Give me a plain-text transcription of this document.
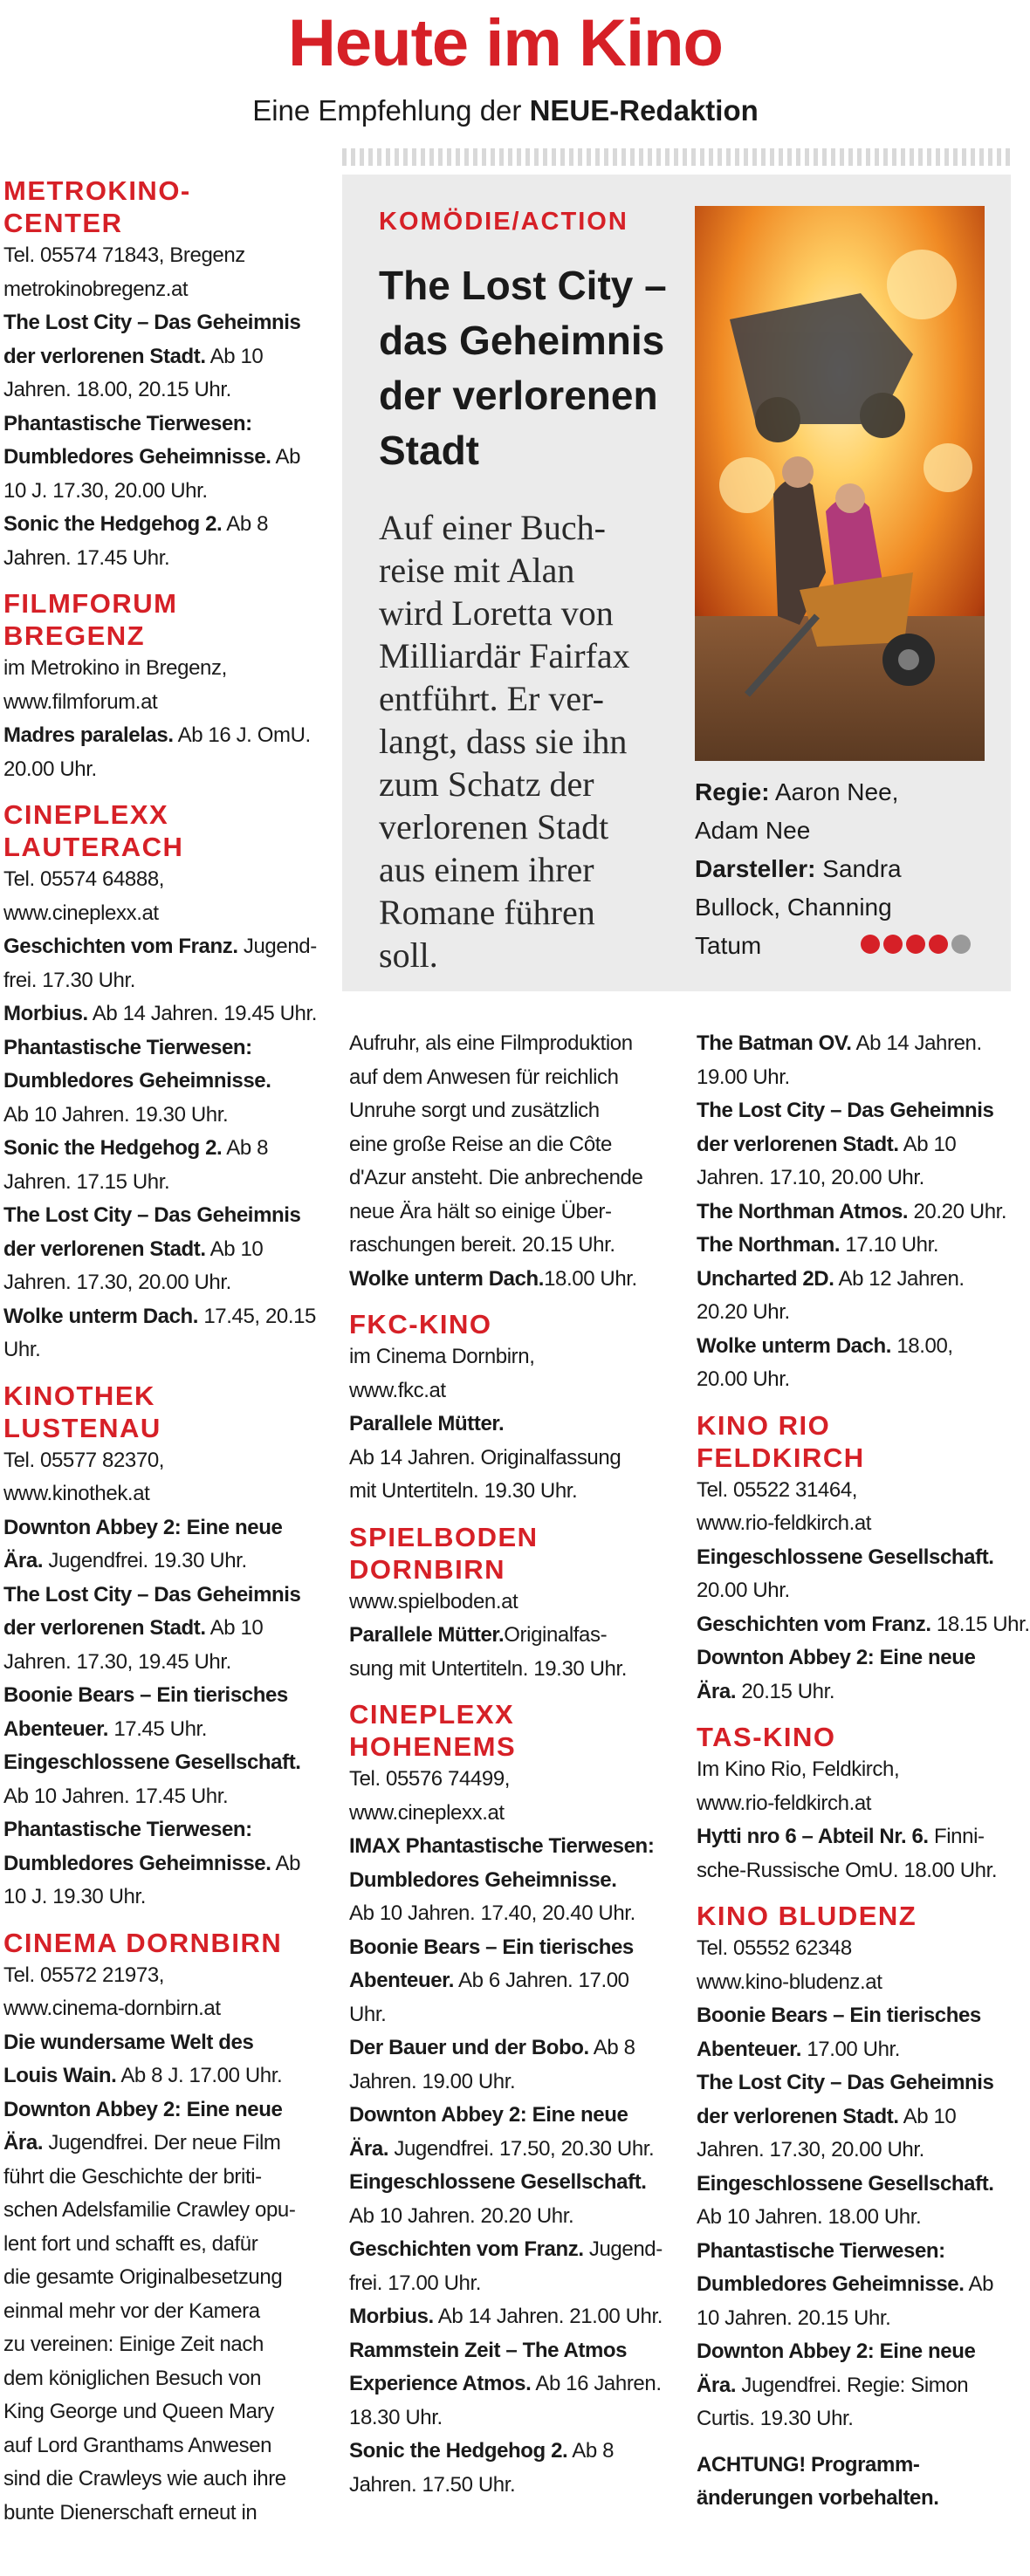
Heute im Kino
Eine Empfehlung der NEUE-Redaktion
METROKINO-
CENTER
Tel. 05574 71843, Bregenz
metrokinobregenz.at
The Lost City – Das Geheimnis
der verlorenen Stadt. Ab 10
Jahren. 18.00, 20.15 Uhr.
Phantastische Tierwesen:
Dumbledores Geheimnisse. Ab
10 J. 17.30, 20.00 Uhr.
Sonic the Hedgehog 2. Ab 8
Jahren. 17.45 Uhr.
FILMFORUM
BREGENZ
im Metrokino in Bregenz,
www.filmforum.at
Madres paralelas. Ab 16 J. OmU.
20.00 Uhr.
CINEPLEXX
LAUTERACH
Tel. 05574 64888,
www.cineplexx.at
Geschichten vom Franz. Jugend-
frei. 17.30 Uhr.
Morbius. Ab 14 Jahren. 19.45 Uhr.
Phantastische Tierwesen:
Dumbledores Geheimnisse.
Ab 10 Jahren. 19.30 Uhr.
Sonic the Hedgehog 2. Ab 8
Jahren. 17.15 Uhr.
The Lost City – Das Geheimnis
der verlorenen Stadt. Ab 10
Jahren. 17.30, 20.00 Uhr.
Wolke unterm Dach. 17.45, 20.15
Uhr.
KINOTHEK
LUSTENAU
Tel. 05577 82370,
www.kinothek.at
Downton Abbey 2: Eine neue
Ära. Jugendfrei. 19.30 Uhr.
The Lost City – Das Geheimnis
der verlorenen Stadt. Ab 10
Jahren. 17.30, 19.45 Uhr.
Boonie Bears – Ein tierisches
Abenteuer. 17.45 Uhr.
Eingeschlossene Gesellschaft.
Ab 10 Jahren. 17.45 Uhr.
Phantastische Tierwesen:
Dumbledores Geheimnisse. Ab
10 J. 19.30 Uhr.
CINEMA DORNBIRN
Tel. 05572 21973,
www.cinema-dornbirn.at
Die wundersame Welt des
Louis Wain. Ab 8 J. 17.00 Uhr.
Downton Abbey 2: Eine neue
Ära. Jugendfrei. Der neue Film
führt die Geschichte der briti-
schen Adelsfamilie Crawley opu-
lent fort und schafft es, dafür
die gesamte Originalbesetzung
einmal mehr vor der Kamera
zu vereinen: Einige Zeit nach
dem königlichen Besuch von
King George und Queen Mary
auf Lord Granthams Anwesen
sind die Crawleys wie auch ihre
bunte Dienerschaft erneut in
Aufruhr, als eine Filmproduktion
auf dem Anwesen für reichlich
Unruhe sorgt und zusätzlich
eine große Reise an die Côte
d'Azur ansteht. Die anbrechende
neue Ära hält so einige Über-
raschungen bereit. 20.15 Uhr.
Wolke unterm Dach.18.00 Uhr.
FKC-KINO
im Cinema Dornbirn,
www.fkc.at
Parallele Mütter.
Ab 14 Jahren. Originalfassung
mit Untertiteln. 19.30 Uhr.
SPIELBODEN
DORNBIRN
www.spielboden.at
Parallele Mütter.Originalfas-
sung mit Untertiteln. 19.30 Uhr.
CINEPLEXX
HOHENEMS
Tel. 05576 74499,
www.cineplexx.at
IMAX Phantastische Tierwesen:
Dumbledores Geheimnisse.
Ab 10 Jahren. 17.40, 20.40 Uhr.
Boonie Bears – Ein tierisches
Abenteuer. Ab 6 Jahren. 17.00
Uhr.
Der Bauer und der Bobo. Ab 8
Jahren. 19.00 Uhr.
Downton Abbey 2: Eine neue
Ära. Jugendfrei. 17.50, 20.30 Uhr.
Eingeschlossene Gesellschaft.
Ab 10 Jahren. 20.20 Uhr.
Geschichten vom Franz. Jugend-
frei. 17.00 Uhr.
Morbius. Ab 14 Jahren. 21.00 Uhr.
Rammstein Zeit – The Atmos
Experience Atmos. Ab 16 Jahren.
18.30 Uhr.
Sonic the Hedgehog 2. Ab 8
Jahren. 17.50 Uhr.
The Batman OV. Ab 14 Jahren.
19.00 Uhr.
The Lost City – Das Geheimnis
der verlorenen Stadt. Ab 10
Jahren. 17.10, 20.00 Uhr.
The Northman Atmos. 20.20 Uhr.
The Northman. 17.10 Uhr.
Uncharted 2D. Ab 12 Jahren.
20.20 Uhr.
Wolke unterm Dach. 18.00,
20.00 Uhr.
KINO RIO
FELDKIRCH
Tel. 05522 31464,
www.rio-feldkirch.at
Eingeschlossene Gesellschaft.
20.00 Uhr.
Geschichten vom Franz. 18.15 Uhr.
Downton Abbey 2: Eine neue
Ära. 20.15 Uhr.
TAS-KINO
Im Kino Rio, Feldkirch,
www.rio-feldkirch.at
Hytti nro 6 – Abteil Nr. 6. Finni-
sche-Russische OmU. 18.00 Uhr.
KINO BLUDENZ
Tel. 05552 62348
www.kino-bludenz.at
Boonie Bears – Ein tierisches
Abenteuer. 17.00 Uhr.
The Lost City – Das Geheimnis
der verlorenen Stadt. Ab 10
Jahren. 17.30, 20.00 Uhr.
Eingeschlossene Gesellschaft.
Ab 10 Jahren. 18.00 Uhr.
Phantastische Tierwesen:
Dumbledores Geheimnisse. Ab
10 Jahren. 20.15 Uhr.
Downton Abbey 2: Eine neue
Ära. Jugendfrei. Regie: Simon
Curtis. 19.30 Uhr.
ACHTUNG! Programm-
änderungen vorbehalten.
KOMÖDIE/ACTION
The Lost City –
das Geheimnis
der verlorenen
Stadt
Auf einer Buch-
reise mit Alan
wird Loretta von
Milliardär Fairfax
entführt. Er ver-
langt, dass sie ihn
zum Schatz der
verlorenen Stadt
aus einem ihrer
Romane führen
soll.
Regie: Aaron Nee,
Adam Nee
Darsteller: Sandra
Bullock, Channing
Tatum
